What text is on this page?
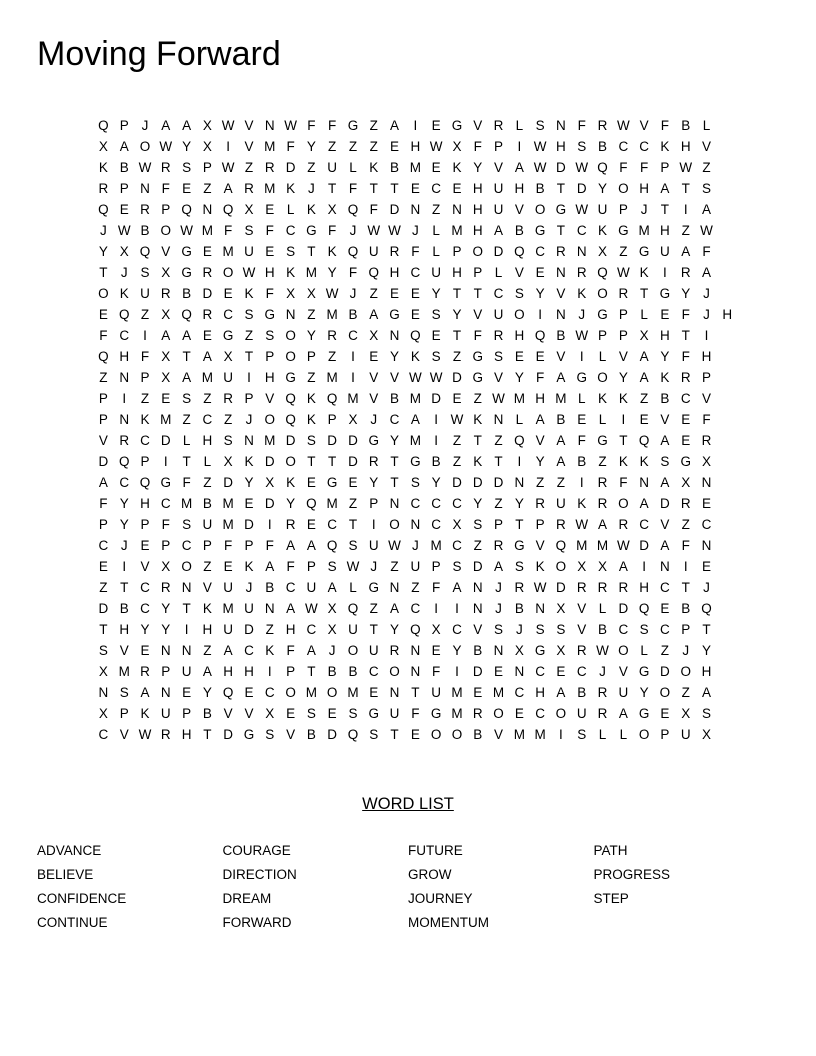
Moving Forward
Q P J A A X W V N W F F G Z A I E G V R L S N F R W V F B L
X A O W Y X I V M F Y Z Z Z E H W X F P I W H S B C C K H V
K B W R S P W Z R D Z U L K B M E K Y V A W D W Q F F P W Z
R P N F E Z A R M K J T F T T E C E H U H B T D Y O H A T S
Q E R P Q N Q X E L K X Q F D N Z N H U V O G W U P J T I A
J W B O W M F S F C G F J W W J L M H A B G T C K G M H Z W
Y X Q V G E M U E S T K Q U R F L P O D Q C R N X Z G U A F
T J S X G R O W H K M Y F Q H C U H P L V E N R Q W K I R A
O K U R B D E K F X X W J Z E E Y T T C S Y V K O R T G Y J
E Q Z X Q R C S G N Z M B A G E S Y V U O I N J G P L E F J H
F C I A A E G Z S O Y R C X N Q E T F R H Q B W P P X H T I
Q H F X T A X T P O P Z I E Y K S Z G S E E V I L V A Y F H
Z N P X A M U I H G Z M I V V W W D G V Y F A G O Y A K R P
P I Z E S Z R P V Q K Q M V B M D E Z W M H M L K K Z B C V
P N K M Z C Z J O Q K P X J C A I W K N L A B E L I E V E F
V R C D L H S N M D S D D G Y M I Z T Z Q V A F G T Q A E R
D Q P I T L X K D O T T D R T G B Z K T I Y A B Z K K S G X
A C Q G F Z D Y X K E G E Y T S Y D D D N Z Z I R F N A X N
F Y H C M B M E D Y Q M Z P N C C C Y Z Y R U K R O A D R E
P Y P F S U M D I R E C T I O N C X S P T P R W A R C V Z C
C J E P C P F P F A A Q S U W J M C Z R G V Q M M W D A F N
E I V X O Z E K A F P S W J Z U P S D A S K O X X A I N I E
Z T C R N V U J B C U A L G N Z F A N J R W D R R R H C T J
D B C Y T K M U N A W X Q Z A C I I N J B N X V L D Q E B Q
T H Y Y I H U D Z H C X U T Y Q X C V S J S S V B C S C P T
S V E N N Z A C K F A J O U R N E Y B N X G X R W O L Z J Y
X M R P U A H H I P T B B C O N F I D E N C E C J V G D O H
N S A N E Y Q E C O M O M E N T U M E M C H A B R U Y O Z A
X P K U P B V V X E S E S G U F G M R O E C O U R A G E X S
C V W R H T D G S V B D Q S T E O O B V M M I S L L O P U X
WORD LIST
ADVANCE	COURAGE	FUTURE	PATH
BELIEVE	DIRECTION	GROW	PROGRESS
CONFIDENCE	DREAM	JOURNEY	STEP
CONTINUE	FORWARD	MOMENTUM
